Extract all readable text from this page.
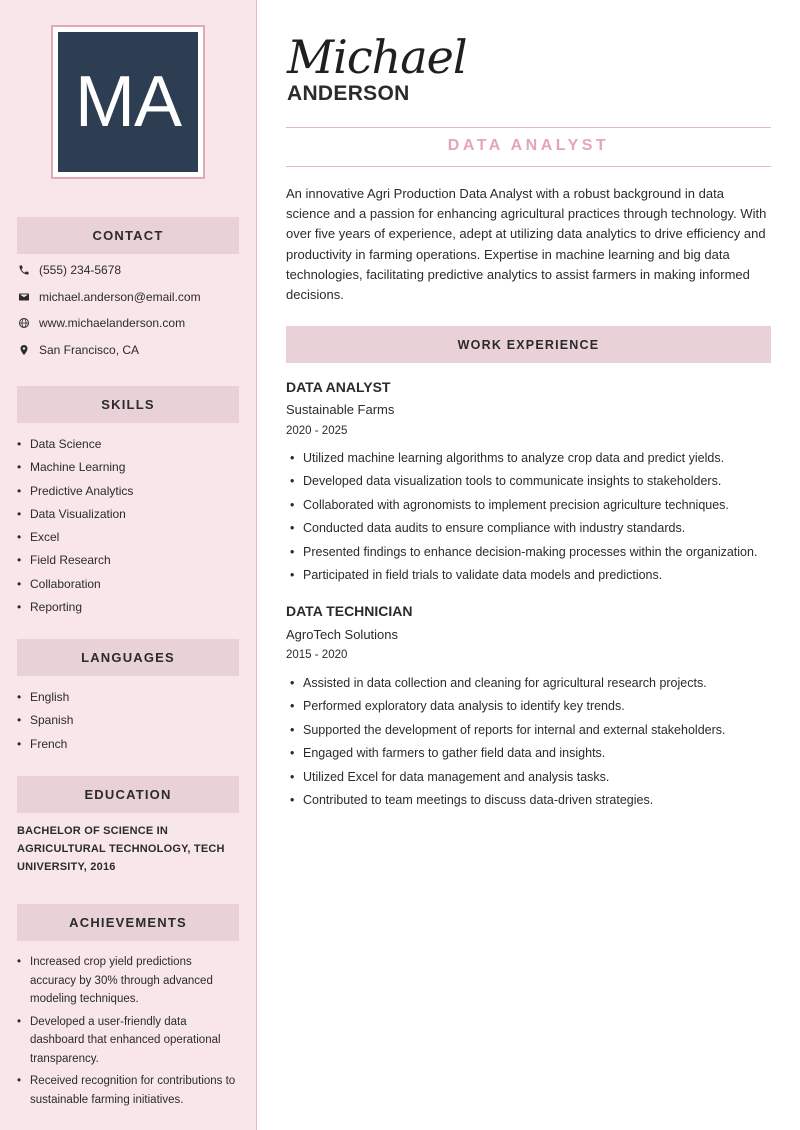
MA
CONTACT
(555) 234-5678
michael.anderson@email.com
www.michaelanderson.com
San Francisco, CA
SKILLS
• Data Science
• Machine Learning
• Predictive Analytics
• Data Visualization
• Excel
• Field Research
• Collaboration
• Reporting
LANGUAGES
• English
• Spanish
• French
EDUCATION
BACHELOR OF SCIENCE IN AGRICULTURAL TECHNOLOGY, TECH UNIVERSITY, 2016
ACHIEVEMENTS
• Increased crop yield predictions accuracy by 30% through advanced modeling techniques.
• Developed a user-friendly data dashboard that enhanced operational transparency.
• Received recognition for contributions to sustainable farming initiatives.
Michael
ANDERSON
DATA ANALYST
An innovative Agri Production Data Analyst with a robust background in data science and a passion for enhancing agricultural practices through technology. With over five years of experience, adept at utilizing data analytics to drive efficiency and productivity in farming operations. Expertise in machine learning and big data technologies, facilitating predictive analytics to assist farmers in making informed decisions.
WORK EXPERIENCE
DATA ANALYST
Sustainable Farms
2020 - 2025
• Utilized machine learning algorithms to analyze crop data and predict yields.
• Developed data visualization tools to communicate insights to stakeholders.
• Collaborated with agronomists to implement precision agriculture techniques.
• Conducted data audits to ensure compliance with industry standards.
• Presented findings to enhance decision-making processes within the organization.
• Participated in field trials to validate data models and predictions.
DATA TECHNICIAN
AgroTech Solutions
2015 - 2020
• Assisted in data collection and cleaning for agricultural research projects.
• Performed exploratory data analysis to identify key trends.
• Supported the development of reports for internal and external stakeholders.
• Engaged with farmers to gather field data and insights.
• Utilized Excel for data management and analysis tasks.
• Contributed to team meetings to discuss data-driven strategies.
